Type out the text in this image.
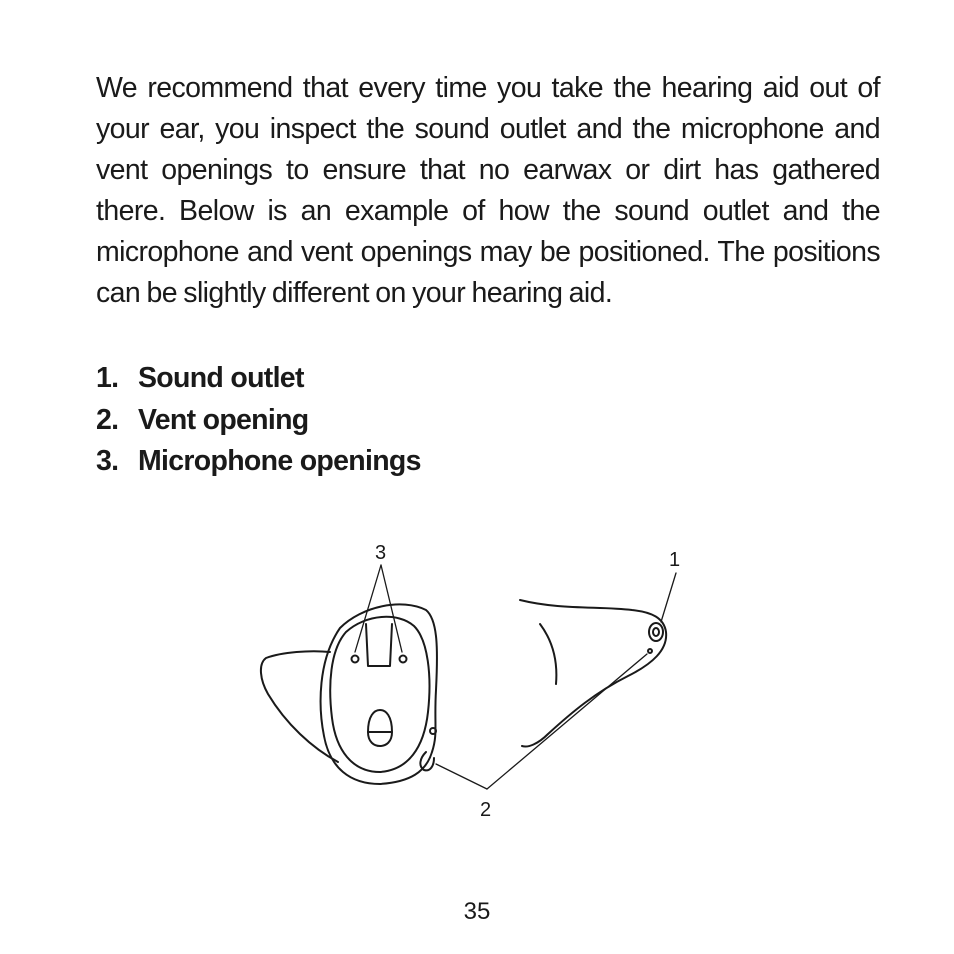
We recommend that every time you take the hearing aid out of your ear, you inspect the sound outlet and the microphone and vent openings to ensure that no earwax or dirt has gathered there. Below is an example of how the sound outlet and the microphone and vent openings may be positioned. The positions can be slightly different on your hearing aid.

1. Sound outlet
2. Vent opening
3. Microphone openings
3	1
2

35
